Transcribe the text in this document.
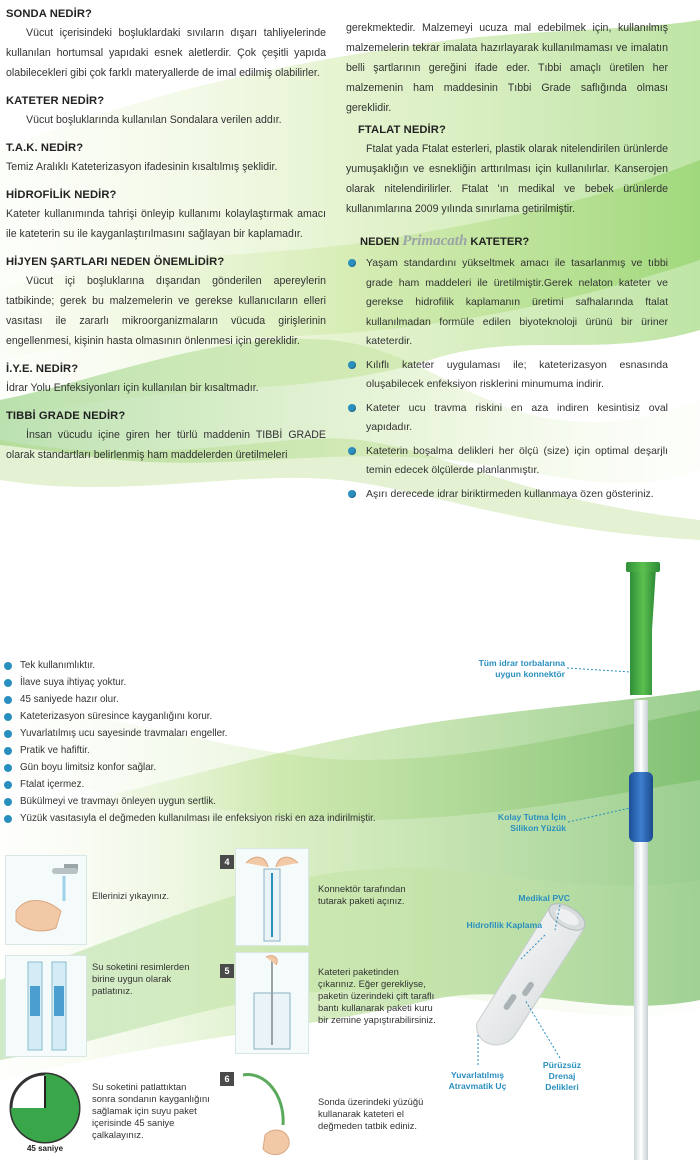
SONDA NEDİR?

Vücut içerisindeki boşluklardaki sıvıların dışarı tahliyelerinde kullanılan hortumsal yapıdaki esnek aletlerdir. Çok çeşitli yapıda olabilecekleri gibi çok farklı materyallerde de imal edilmiş olabilirler.

KATETER NEDİR?

Vücut boşluklarında kullanılan Sondalara verilen addır.

T.A.K. NEDİR?

Temiz Aralıklı Kateterizasyon ifadesinin kısaltılmış şeklidir.

HİDROFİLİK NEDİR?

Kateter kullanımında tahrişi önleyip kullanımı kolaylaştırmak amacı ile kateterin su ile kayganlaştırılmasını sağlayan bir kaplamadır.

HİJYEN ŞARTLARI NEDEN ÖNEMLİDİR?

Vücut içi boşluklarına dışarıdan gönderilen apereylerin tatbikinde; gerek bu malzemelerin ve gerekse kullanıcıların elleri vasıtası ile zararlı mikroorganizmaların vücuda girişlerinin engellenmesi, kişinin hasta olmasının önlenmesi için gereklidir.

İ.Y.E. NEDİR?

İdrar Yolu Enfeksiyonları için kullanılan bir kısaltmadır.

TIBBİ GRADE NEDİR?

İnsan vücudu içine giren her türlü maddenin TIBBİ GRADE olarak standartları belirlenmiş ham maddelerden üretilmeleri

gerekmektedir. Malzemeyi ucuza mal edebilmek için, kullanılmış malzemelerin tekrar imalata hazırlayarak kullanılmaması ve imalatın belli şartlarının gereğini ifade eder. Tıbbi amaçlı üretilen her malzemenin ham maddesinin Tıbbi Grade saflığında olması gereklidir.

FTALAT NEDİR?

Ftalat yada Ftalat esterleri, plastik olarak nitelendirilen ürünlerde yumuşaklığın ve esnekliğin arttırılması için kullanılırlar. Kanserojen olarak nitelendirilirler. Ftalat 'ın medikal ve bebek ürünlerde kullanımlarına 2009 yılında sınırlama getirilmiştir.

NEDEN Primacath KATETER?
Yaşam standardını yükseltmek amacı ile tasarlanmış ve tıbbi grade ham maddeleri ile üretilmiştir.Gerek nelaton kateter ve gerekse hidrofilik kaplamanın üretimi safhalarında ftalat kullanılmadan formüle edilen biyoteknoloji ürünü bir üriner kateterdir.
Kılıflı kateter uygulaması ile; kateterizasyon esnasında oluşabilecek enfeksiyon risklerini minumuma indirir.
Kateter ucu travma riskini en aza indiren kesintisiz oval yapıdadır.
Kateterin boşalma delikleri her ölçü (size) için optimal deşarjlı temin edecek ölçülerde planlanmıştır.
Aşırı derecede idrar biriktirmeden kullanmaya özen gösteriniz.
Tek kullanımlıktır.
İlave suya ihtiyaç yoktur.
45 saniyede hazır olur.
Kateterizasyon süresince kayganlığını korur.
Yuvarlatılmış ucu sayesinde travmaları engeller.
Pratik ve hafiftir.
Gün boyu limitsiz konfor sağlar.
Ftalat içermez.
Bükülmeyi ve travmayı önleyen uygun sertlik.
Yüzük vasıtasıyla el değmeden kullanılması ile enfeksiyon riski en aza indirilmiştir.
Tüm idrar torbalarına uygun konnektör
Kolay Tutma İçin Silikon Yüzük
Medikal PVC
Hidrofilik Kaplama
Yuvarlatılmış Atravmatik Uç
Pürüzsüz Drenaj Delikleri
Ellerinizi yıkayınız.
Su soketini resimlerden birine uygun olarak patlatınız.
45 saniye
Su soketini patlattıktan sonra sondanın kayganlığını sağlamak için suyu paket içerisinde 45 saniye çalkalayınız.
4
Konnektör tarafından tutarak paketi açınız.
5	Kateteri paketinden çıkarınız. Eğer gerekliyse, paketin üzerindeki çift taraflı bantı kullanarak paketi kuru bir zemine yapıştırabilirsiniz.
6
Sonda üzerindeki yüzüğü kullanarak kateteri el değmeden tatbik ediniz.
